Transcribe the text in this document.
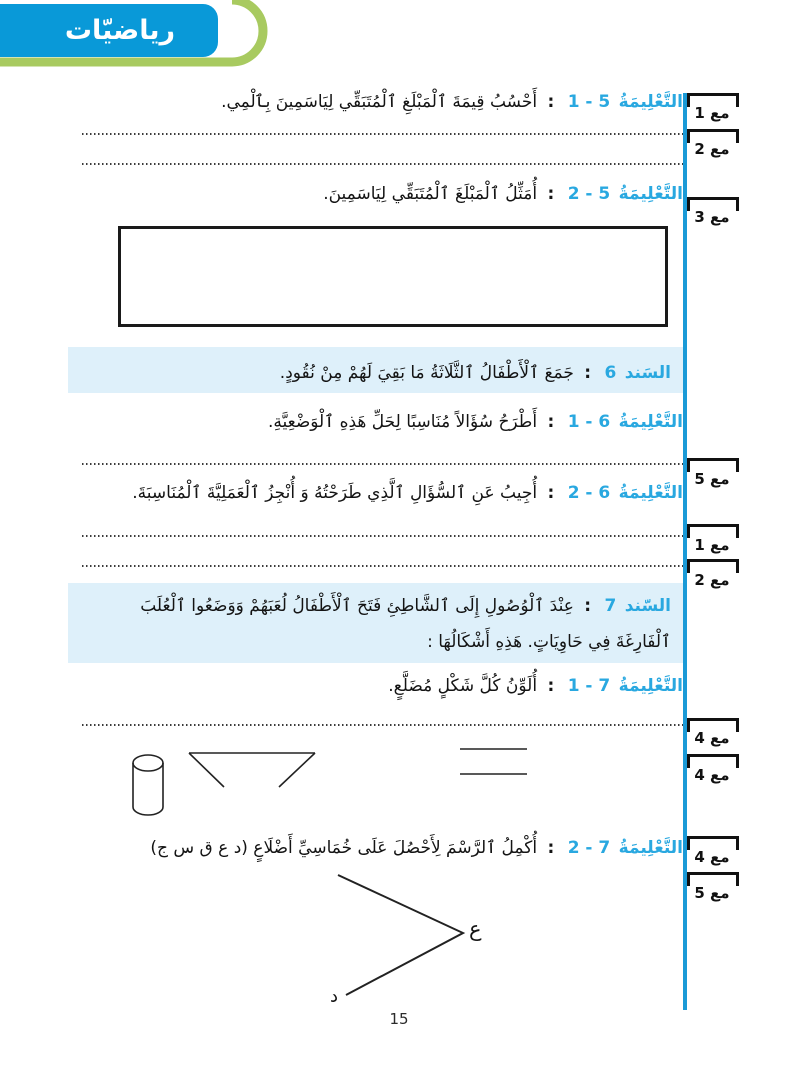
رياضيّات
التَّعْلِيمَةُ 5 - 1 : أَحْسُبُ قِيمَةَ ٱلْمَبْلَغِ ٱلْمُتَبَقِّي لِيَاسَمِينَ بِٱلْمِي.
التَّعْلِيمَةُ 5 - 2 : أُمَثِّلُ ٱلْمَبْلَغَ ٱلْمُتَبَقِّي لِيَاسَمِينَ.
السَند 6 : جَمَعَ ٱلْأَطْفَالُ ٱلثَّلَاثَةُ مَا بَقِيَ لَهُمْ مِنْ نُقُودٍ.
التَّعْلِيمَةُ 6 - 1 : أَطْرَحُ سُؤَالاً مُنَاسِبًا لِحَلِّ هَذِهِ ٱلْوَضْعِيَّةِ.
التَّعْلِيمَةُ 6 - 2 : أُجِيبُ عَنِ ٱلسُّؤَالِ ٱلَّذِي طَرَحْتُهُ وَ أُنْجِزُ ٱلْعَمَلِيَّةَ ٱلْمُنَاسِبَةَ.
السّند 7 : عِنْدَ ٱلْوُصُولِ إِلَى ٱلشَّاطِئِ فَتَحَ ٱلْأَطْفَالُ لُعَبَهُمْ وَوَضَعُوا ٱلْعُلَبَ ٱلْفَارِغَةَ فِي حَاوِيَاتٍ. هَذِهِ أَشْكَالُهَا :
التَّعْلِيمَةُ 7 - 1 : أُلَوِّنُ كُلَّ شَكْلٍ مُضَلَّعٍ.
التَّعْلِيمَةُ 7 - 2 : أُكْمِلُ ٱلرَّسْمَ لِأَحْصُلَ عَلَى خُمَاسِيِّ أَضْلَاعٍ (د ع ق س ج)
ع
د
مع 1
مع 2
مع 3
مع 5
مع 1
مع 2
مع 4
مع 4
مع 4
مع 5
15
